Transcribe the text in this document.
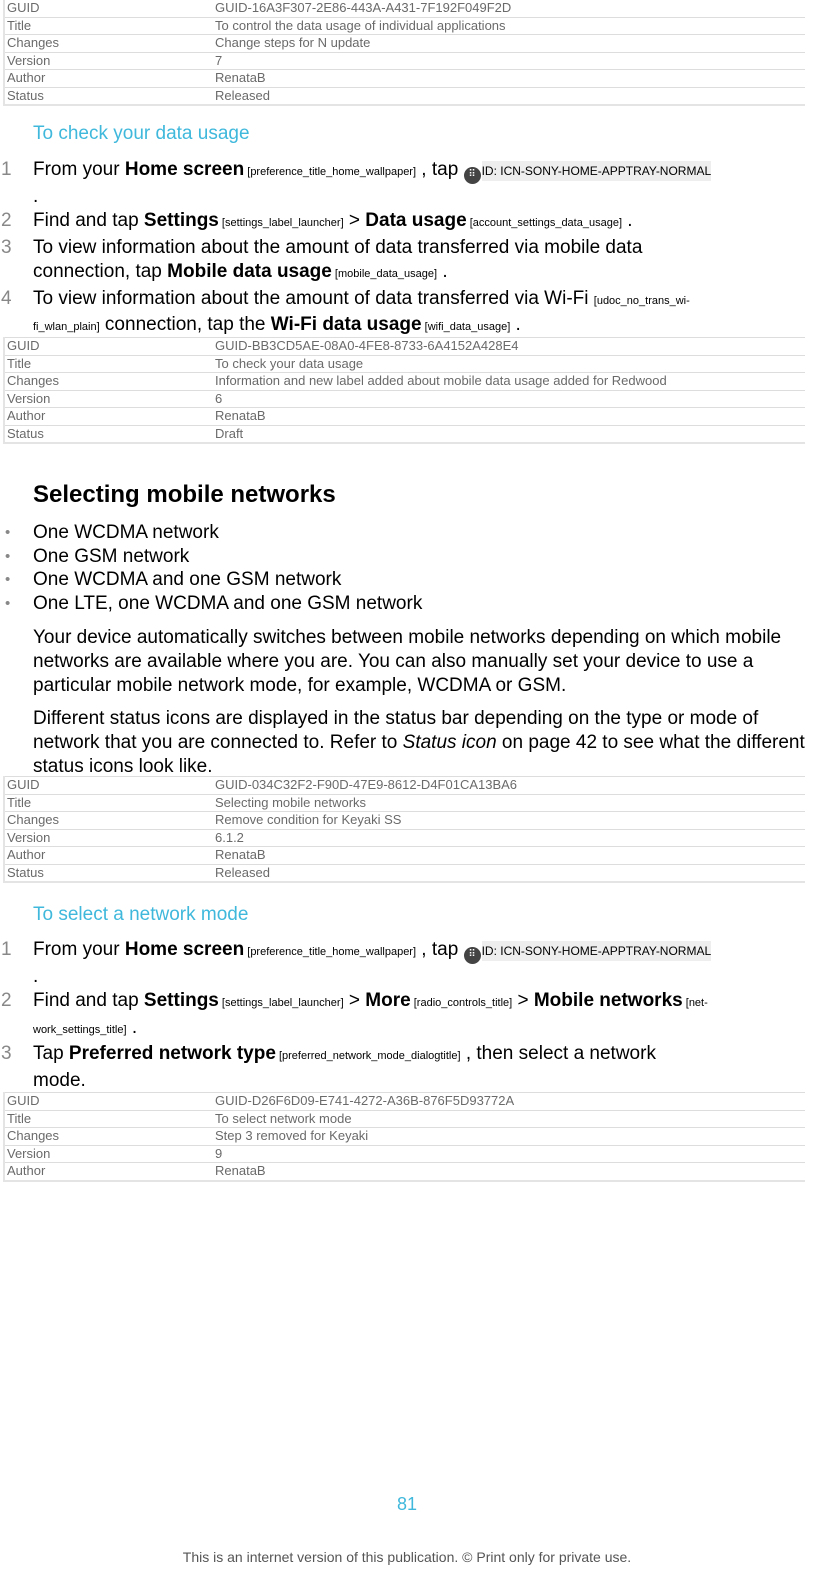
GUID	GUID-16A3F307-2E86-443A-A431-7F192F049F2D
Title	To control the data usage of individual applications
Changes	Change steps for N update
Version	7
Author	RenataB
Status	Released
To check your data usage
1 From your Home screen [preference_title_home_wallpaper] , tap ⠿ ID: ICN-SONY-HOME-APPTRAY-NORMAL .
2 Find and tap Settings [settings_label_launcher] > Data usage [account_settings_data_usage] .
3 To view information about the amount of data transferred via mobile data connection, tap Mobile data usage [mobile_data_usage] .
4 To view information about the amount of data transferred via Wi-Fi [udoc_no_trans_wi-fi_wlan_plain] connection, tap the Wi-Fi data usage [wifi_data_usage] .
GUID	GUID-BB3CD5AE-08A0-4FE8-8733-6A4152A428E4
Title	To check your data usage
Changes	Information and new label added about mobile data usage added for Redwood
Version	6
Author	RenataB
Status	Draft
Selecting mobile networks
• One WCDMA network
• One GSM network
• One WCDMA and one GSM network
• One LTE, one WCDMA and one GSM network
Your device automatically switches between mobile networks depending on which mobile networks are available where you are. You can also manually set your device to use a particular mobile network mode, for example, WCDMA or GSM.
Different status icons are displayed in the status bar depending on the type or mode of network that you are connected to. Refer to Status icon on page 42 to see what the different status icons look like.
GUID	GUID-034C32F2-F90D-47E9-8612-D4F01CA13BA6
Title	Selecting mobile networks
Changes	Remove condition for Keyaki SS
Version	6.1.2
Author	RenataB
Status	Released
To select a network mode
1 From your Home screen [preference_title_home_wallpaper] , tap ⠿ ID: ICN-SONY-HOME-APPTRAY-NORMAL .
2 Find and tap Settings [settings_label_launcher] > More [radio_controls_title] > Mobile networks [net-work_settings_title] .
3 Tap Preferred network type [preferred_network_mode_dialogtitle] , then select a network mode.
GUID	GUID-D26F6D09-E741-4272-A36B-876F5D93772A
Title	To select network mode
Changes	Step 3 removed for Keyaki
Version	9
Author	RenataB
81
This is an internet version of this publication. © Print only for private use.
